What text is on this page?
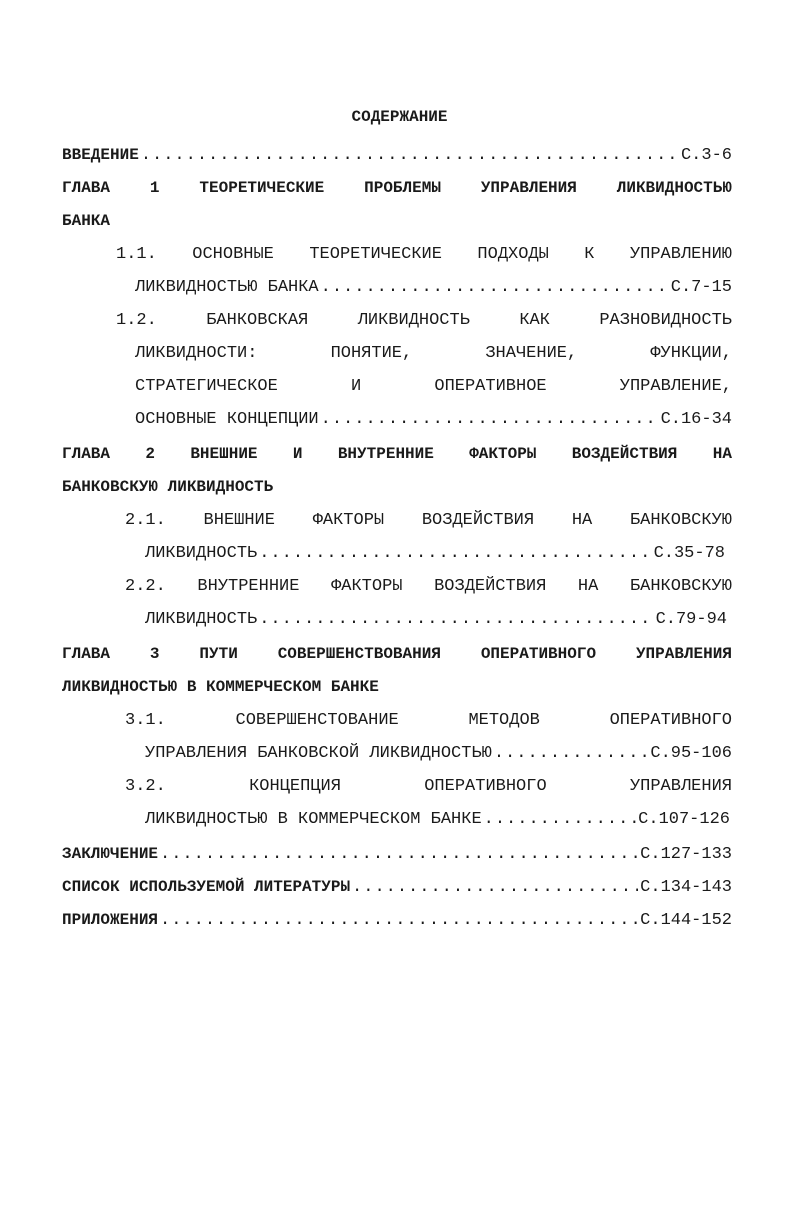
СОДЕРЖАНИЕ
ВВЕДЕНИЕ .....	С.3-6
ГЛАВА 1 ТЕОРЕТИЧЕСКИЕ ПРОБЛЕМЫ УПРАВЛЕНИЯ ЛИКВИДНОСТЬЮ
БАНКА
1.1. ОСНОВНЫЕ ТЕОРЕТИЧЕСКИЕ ПОДХОДЫ К УПРАВЛЕНИЮ
ЛИКВИДНОСТЬЮ БАНКА .....	С.7-15
1.2.	БАНКОВСКАЯ	ЛИКВИДНОСТЬ	КАК	РАЗНОВИДНОСТЬ
ЛИКВИДНОСТИ:	ПОНЯТИЕ,	ЗНАЧЕНИЕ,	ФУНКЦИИ,
СТРАТЕГИЧЕСКОЕ	И	ОПЕРАТИВНОЕ	УПРАВЛЕНИЕ,
ОСНОВНЫЕ КОНЦЕПЦИИ .....	С.16-34
ГЛАВА 2 ВНЕШНИЕ И ВНУТРЕННИЕ ФАКТОРЫ ВОЗДЕЙСТВИЯ НА
БАНКОВСКУЮ ЛИКВИДНОСТЬ
2.1. ВНЕШНИЕ ФАКТОРЫ ВОЗДЕЙСТВИЯ НА БАНКОВСКУЮ
ЛИКВИДНОСТЬ .....	С.35-78
2.2. ВНУТРЕННИЕ ФАКТОРЫ ВОЗДЕЙСТВИЯ НА БАНКОВСКУЮ
ЛИКВИДНОСТЬ .....	С.79-94
ГЛАВА 3 ПУТИ СОВЕРШЕНСТВОВАНИЯ ОПЕРАТИВНОГО УПРАВЛЕНИЯ
ЛИКВИДНОСТЬЮ В КОММЕРЧЕСКОМ БАНКЕ
3.1.	СОВЕРШЕНСТОВАНИЕ	МЕТОДОВ	ОПЕРАТИВНОГО
УПРАВЛЕНИЯ БАНКОВСКОЙ ЛИКВИДНОСТЬЮ .....	С.95-106
3.2.	КОНЦЕПЦИЯ	ОПЕРАТИВНОГО	УПРАВЛЕНИЯ
ЛИКВИДНОСТЬЮ В КОММЕРЧЕСКОМ БАНКЕ .....	С.107-126
ЗАКЛЮЧЕНИЕ .....	С.127-133
СПИСОК ИСПОЛЬЗУЕМОЙ ЛИТЕРАТУРЫ .....	С.134-143
ПРИЛОЖЕНИЯ .....	С.144-152
